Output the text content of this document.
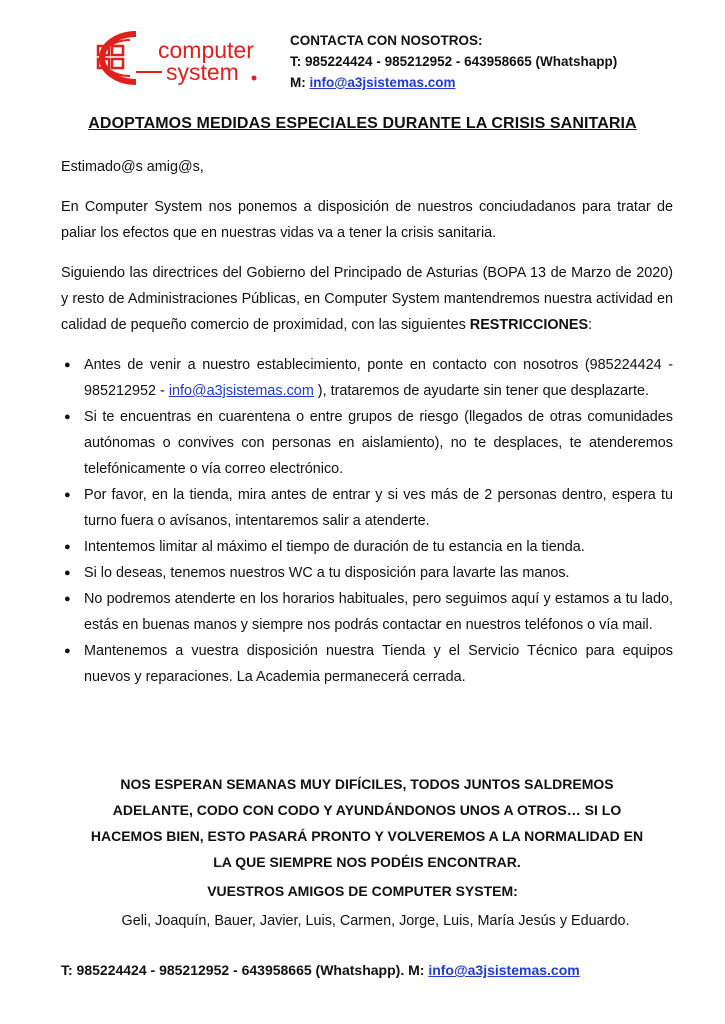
computer
system
CONTACTA CON NOSOTROS:
T: 985224424 - 985212952 - 643958665 (Whatshapp)
M: info@a3jsistemas.com
ADOPTAMOS MEDIDAS ESPECIALES DURANTE LA CRISIS SANITARIA

Estimado@s amig@s,

En Computer System nos ponemos a disposición de nuestros conciudadanos para tratar de paliar los efectos que en nuestras vidas va a tener la crisis sanitaria.

Siguiendo las directrices del Gobierno del Principado de Asturias (BOPA 13 de Marzo de 2020) y resto de Administraciones Públicas, en Computer System mantendremos nuestra actividad en calidad de pequeño comercio de proximidad, con las siguientes RESTRICCIONES:

● Antes de venir a nuestro establecimiento, ponte en contacto con nosotros (985224424 - 985212952 - info@a3jsistemas.com ), trataremos de ayudarte sin tener que desplazarte.
● Si te encuentras en cuarentena o entre grupos de riesgo (llegados de otras comunidades autónomas o convives con personas en aislamiento), no te desplaces, te atenderemos telefónicamente o vía correo electrónico.
● Por favor, en la tienda, mira antes de entrar y si ves más de 2 personas dentro, espera tu turno fuera o avísanos, intentaremos salir a atenderte.
● Intentemos limitar al máximo el tiempo de duración de tu estancia en la tienda.
● Si lo deseas, tenemos nuestros WC a tu disposición para lavarte las manos.
● No podremos atenderte en los horarios habituales, pero seguimos aquí y estamos a tu lado, estás en buenas manos y siempre nos podrás contactar en nuestros teléfonos o vía mail.
● Mantenemos a vuestra disposición nuestra Tienda y el Servicio Técnico para equipos nuevos y reparaciones. La Academia permanecerá cerrada.
NOS ESPERAN SEMANAS MUY DIFÍCILES, TODOS JUNTOS SALDREMOS
ADELANTE, CODO CON CODO Y AYUNDÁNDONOS UNOS A OTROS… SI LO
HACEMOS BIEN, ESTO PASARÁ PRONTO Y VOLVEREMOS A LA NORMALIDAD EN
LA QUE SIEMPRE NOS PODÉIS ENCONTRAR.
VUESTROS AMIGOS DE COMPUTER SYSTEM:
Geli, Joaquín, Bauer, Javier, Luis, Carmen, Jorge, Luis, María Jesús y Eduardo.
T: 985224424 - 985212952 - 643958665 (Whatshapp). M: info@a3jsistemas.com
